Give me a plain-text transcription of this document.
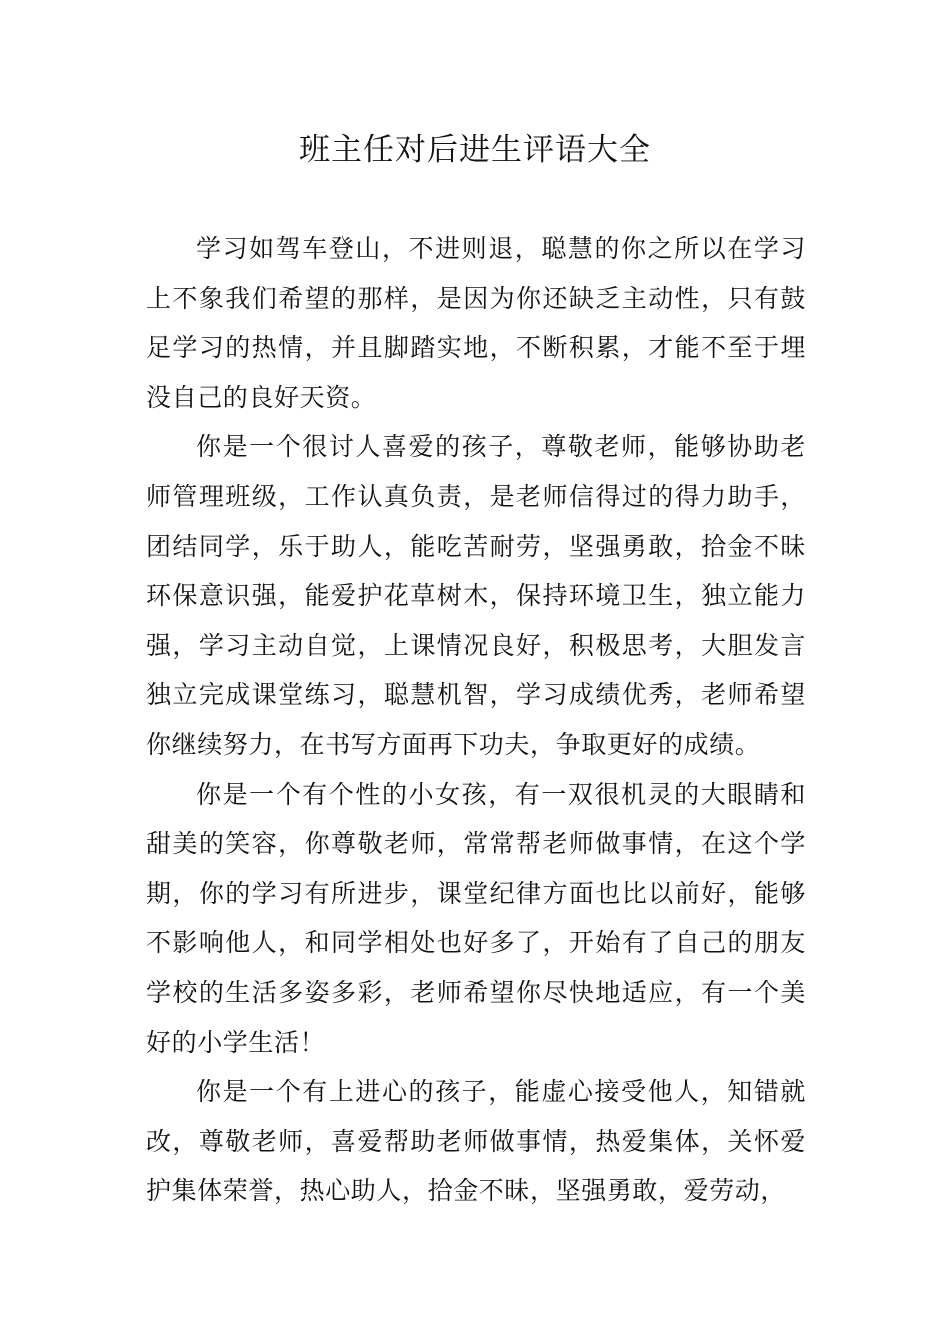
班主任对后进生评语大全

学习如驾车登山，不进则退，聪慧的你之所以在学习上不象我们希望的那样，是因为你还缺乏主动性，只有鼓足学习的热情，并且脚踏实地，不断积累，才能不至于埋没自己的良好天资。

你是一个很讨人喜爱的孩子，尊敬老师，能够协助老师管理班级，工作认真负责，是老师信得过的得力助手，团结同学，乐于助人，能吃苦耐劳，坚强勇敢，拾金不昧环保意识强，能爱护花草树木，保持环境卫生，独立能力强，学习主动自觉，上课情况良好，积极思考，大胆发言独立完成课堂练习，聪慧机智，学习成绩优秀，老师希望你继续努力，在书写方面再下功夫，争取更好的成绩。

你是一个有个性的小女孩，有一双很机灵的大眼睛和甜美的笑容，你尊敬老师，常常帮老师做事情，在这个学期，你的学习有所进步，课堂纪律方面也比以前好，能够不影响他人，和同学相处也好多了，开始有了自己的朋友学校的生活多姿多彩，老师希望你尽快地适应，有一个美好的小学生活！

你是一个有上进心的孩子，能虚心接受他人，知错就改，尊敬老师，喜爱帮助老师做事情，热爱集体，关怀爱护集体荣誉，热心助人，拾金不昧，坚强勇敢，爱劳动，
